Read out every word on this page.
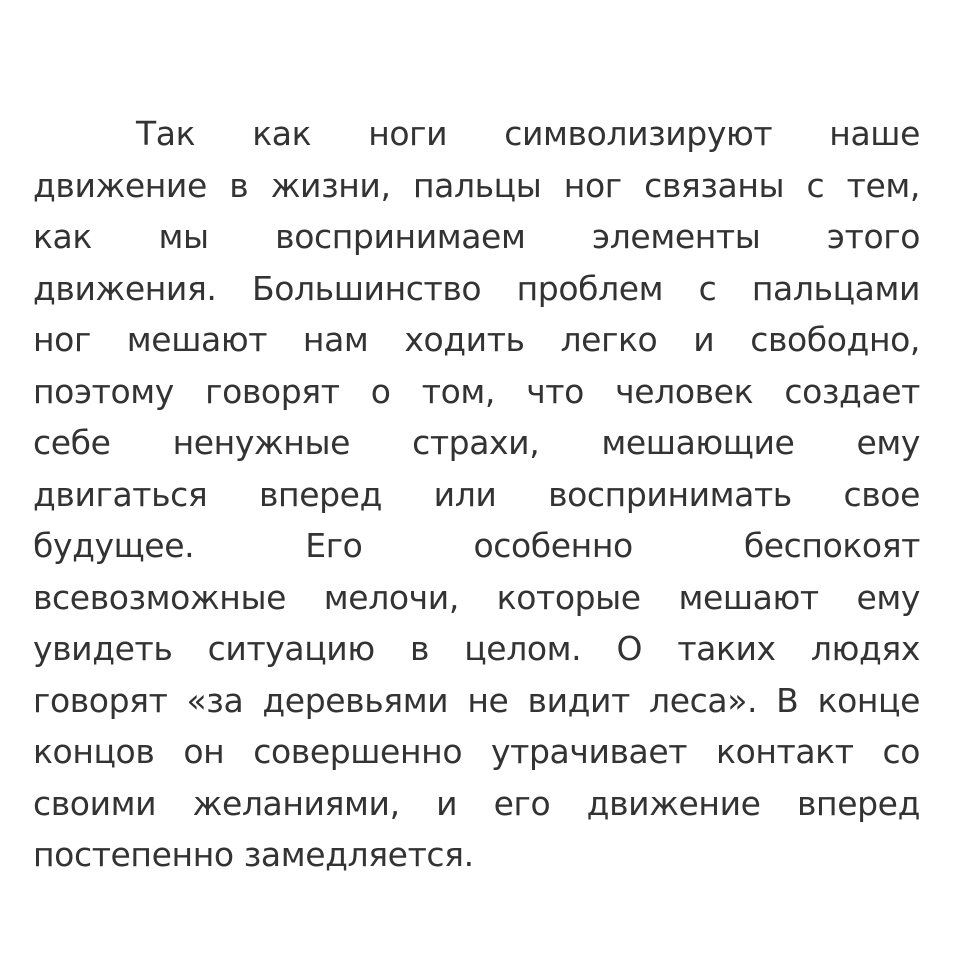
Так как ноги символизируют наше
движение в жизни, пальцы ног связаны с тем,
как мы воспринимаем элементы этого
движения. Большинство проблем с пальцами
ног мешают нам ходить легко и свободно,
поэтому говорят о том, что человек создает
себе ненужные страхи, мешающие ему
двигаться вперед или воспринимать свое
будущее. Его особенно беспокоят
всевозможные мелочи, которые мешают ему
увидеть ситуацию в целом. О таких людях
говорят «за деревьями не видит леса». В конце
концов он совершенно утрачивает контакт со
своими желаниями, и его движение вперед
постепенно замедляется.
